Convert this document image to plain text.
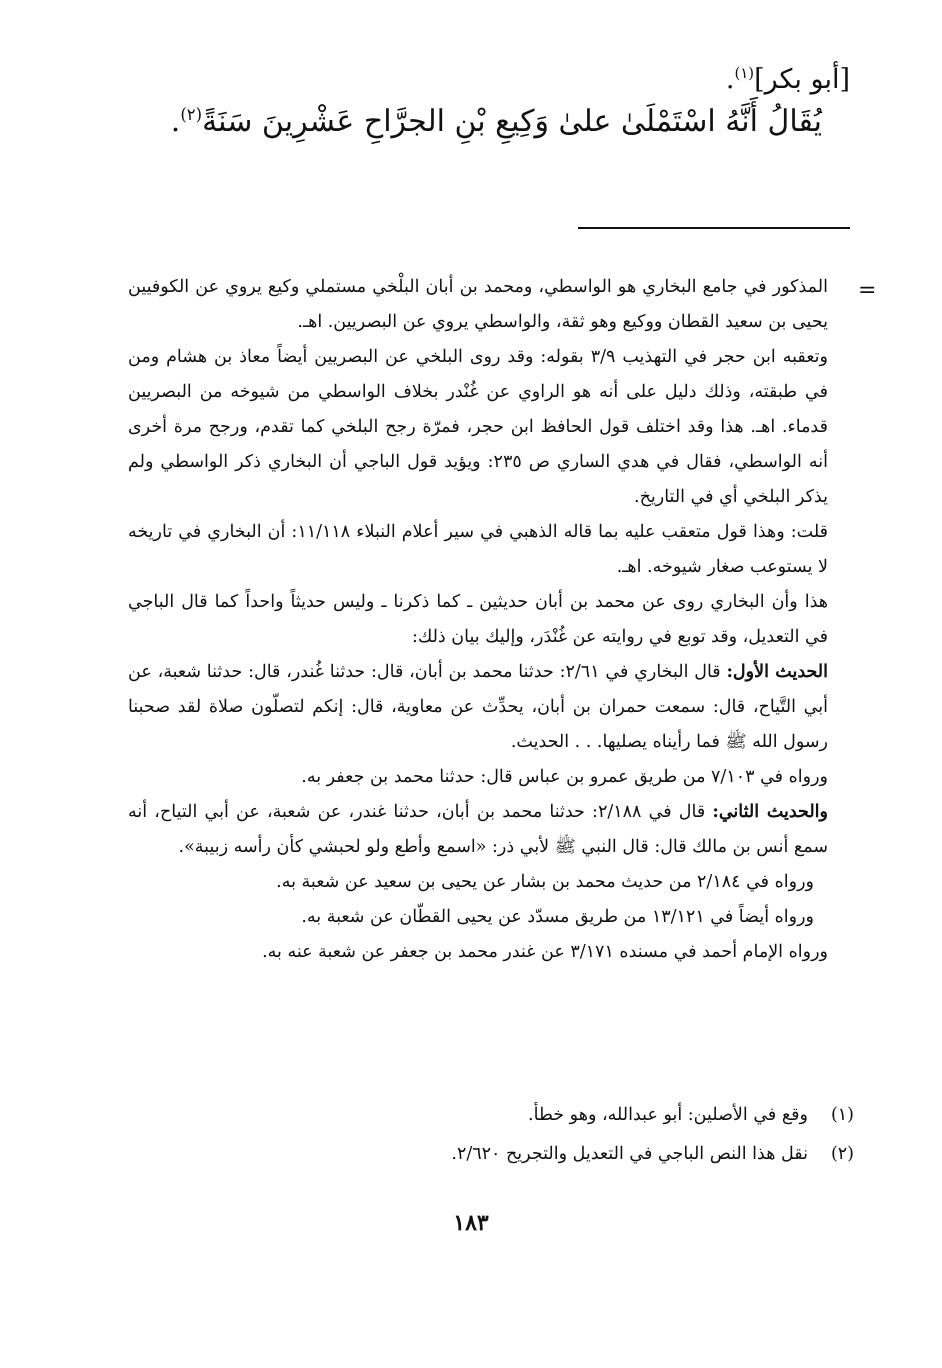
[أبو بكر]$^{(١)}$.
يُقَالُ أَنَّهُ اسْتَمْلَىٰ علىٰ وَكِيعِ بْنِ الجرَّاحِ عَشْرِينَ سَنَةً$^{(٢)}$.
=

المذكور في جامع البخاري هو الواسطي، ومحمد بن أبان البلْخي مستملي وكيع يروي عن الكوفيين يحيى بن سعيد القطان ووكيع وهو ثقة، والواسطي يروي عن البصريين. اهـ.

وتعقبه ابن حجر في التهذيب ٣/٩ بقوله: وقد روى البلخي عن البصريين أيضاً معاذ بن هشام ومن في طبقته، وذلك دليل على أنه هو الراوي عن غُنْدر بخلاف الواسطي من شيوخه من البصريين قدماء. اهـ. هذا وقد اختلف قول الحافظ ابن حجر، فمرّة رجح البلخي كما تقدم، ورجح مرة أخرى أنه الواسطي، فقال في هدي الساري ص ٢٣٥: ويؤيد قول الباجي أن البخاري ذكر الواسطي ولم يذكر البلخي أي في التاريخ.

قلت: وهذا قول متعقب عليه بما قاله الذهبي في سير أعلام النبلاء ١١/١١٨: أن البخاري في تاريخه لا يستوعب صغار شيوخه. اهـ.

هذا وأن البخاري روى عن محمد بن أبان حديثين ـ كما ذكرنا ـ وليس حديثاً واحداً كما قال الباجي في التعديل، وقد توبع في روايته عن غُنْدَر، وإليك بيان ذلك:

الحديث الأول: قال البخاري في ٢/٦١: حدثنا محمد بن أبان، قال: حدثنا غُندر، قال: حدثنا شعبة، عن أبي التَّياح، قال: سمعت حمران بن أبان، يحدِّث عن معاوية، قال: إنكم لتصلّون صلاة لقد صحبنا رسول الله ﷺ فما رأيناه يصليها. . . الحديث.

ورواه في ٧/١٠٣ من طريق عمرو بن عباس قال: حدثنا محمد بن جعفر به.

والحديث الثاني: قال في ٢/١٨٨: حدثنا محمد بن أبان، حدثنا غندر، عن شعبة، عن أبي التياح، أنه سمع أنس بن مالك قال: قال النبي ﷺ لأبي ذر: «اسمع وأطع ولو لحبشي كأن رأسه زبيبة».

ورواه في ٢/١٨٤ من حديث محمد بن بشار عن يحيى بن سعيد عن شعبة به.

ورواه أيضاً في ١٣/١٢١ من طريق مسدّد عن يحيى القطّان عن شعبة به.

ورواه الإمام أحمد في مسنده ٣/١٧١ عن غندر محمد بن جعفر عن شعبة عنه به.

(١)وقع في الأصلين: أبو عبدالله، وهو خطأ.
(٢)نقل هذا النص الباجي في التعديل والتجريح ٢/٦٢٠.
١٨٣
